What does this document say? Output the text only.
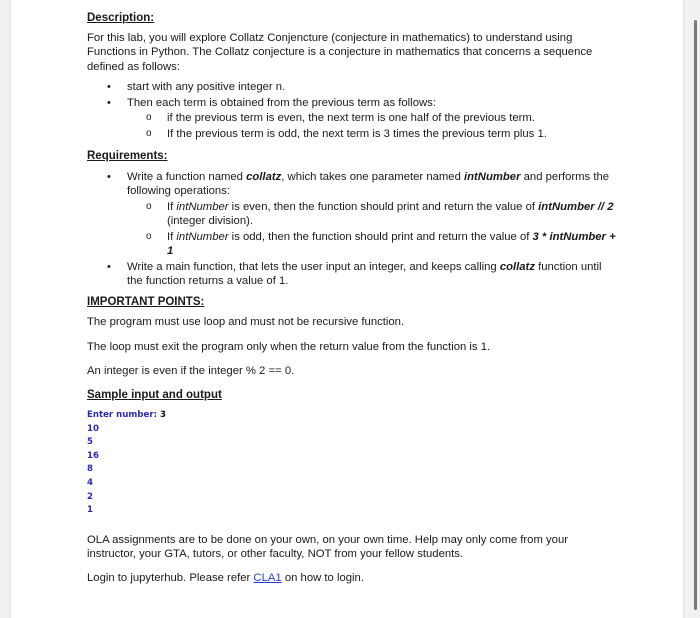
Description:

For this lab, you will explore Collatz Conjencture (conjecture in mathematics) to understand using Functions in Python. The Collatz conjecture is a conjecture in mathematics that concerns a sequence defined as follows:

• start with any positive integer n.
• Then each term is obtained from the previous term as follows:
o if the previous term is even, the next term is one half of the previous term.
o If the previous term is odd, the next term is 3 times the previous term plus 1.

Requirements:

• Write a function named collatz, which takes one parameter named intNumber and performs the following operations:
o If intNumber is even, then the function should print and return the value of intNumber // 2 (integer division).
o If intNumber is odd, then the function should print and return the value of 3 * intNumber + 1
• Write a main function, that lets the user input an integer, and keeps calling collatz function until the function returns a value of 1.

IMPORTANT POINTS:

The program must use loop and must not be recursive function.

The loop must exit the program only when the return value from the function is 1.

An integer is even if the integer % 2 == 0.

Sample input and output

Enter number: 3
10
5
16
8
4
2
1

OLA assignments are to be done on your own, on your own time. Help may only come from your instructor, your GTA, tutors, or other faculty, NOT from your fellow students.

Login to jupyterhub. Please refer CLA1 on how to login.
